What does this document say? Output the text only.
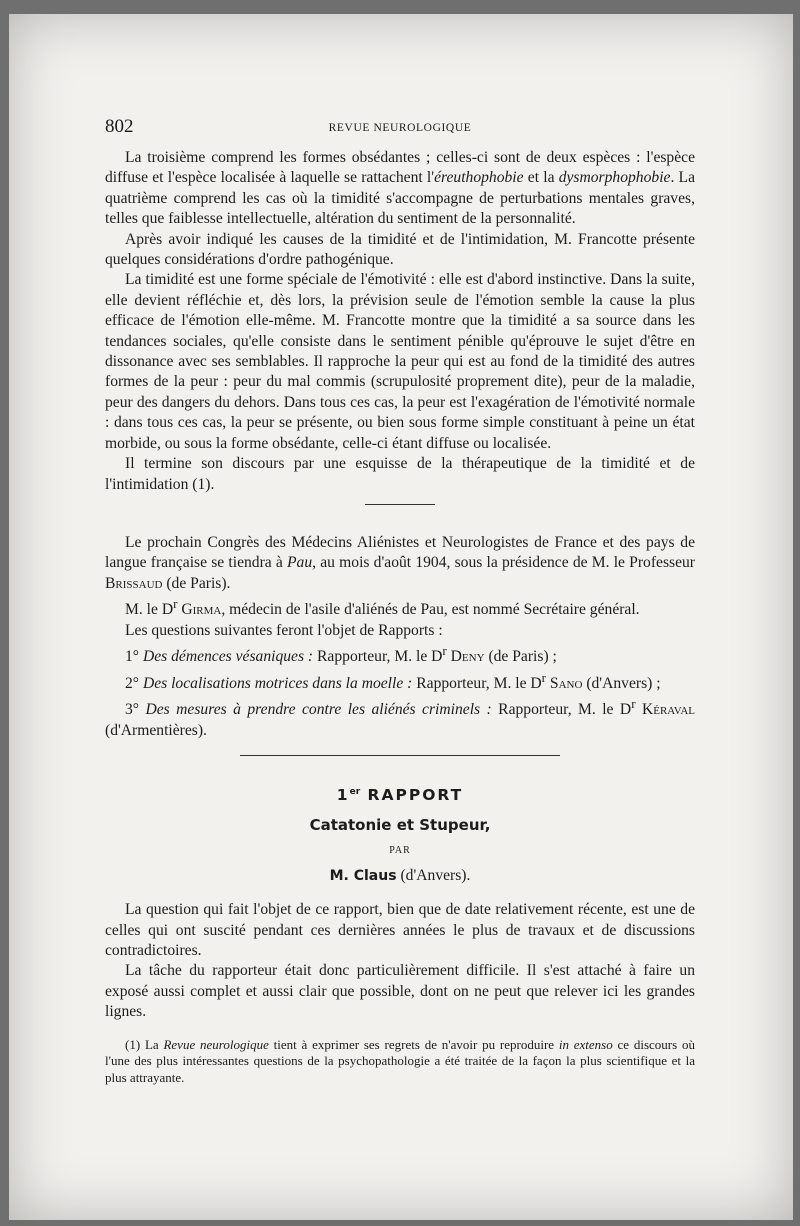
802	REVUE NEUROLOGIQUE

La troisième comprend les formes obsédantes ; celles-ci sont de deux espèces : l'espèce diffuse et l'espèce localisée à laquelle se rattachent l'éreuthophobie et la dysmorphophobie. La quatrième comprend les cas où la timidité s'accompagne de perturbations mentales graves, telles que faiblesse intellectuelle, altération du sentiment de la personnalité.

Après avoir indiqué les causes de la timidité et de l'intimidation, M. Francotte présente quelques considérations d'ordre pathogénique.

La timidité est une forme spéciale de l'émotivité : elle est d'abord instinctive. Dans la suite, elle devient réfléchie et, dès lors, la prévision seule de l'émotion semble la cause la plus efficace de l'émotion elle-même. M. Francotte montre que la timidité a sa source dans les tendances sociales, qu'elle consiste dans le sentiment pénible qu'éprouve le sujet d'être en dissonance avec ses semblables. Il rapproche la peur qui est au fond de la timidité des autres formes de la peur : peur du mal commis (scrupulosité proprement dite), peur de la maladie, peur des dangers du dehors. Dans tous ces cas, la peur est l'exagération de l'émotivité normale : dans tous ces cas, la peur se présente, ou bien sous forme simple constituant à peine un état morbide, ou sous la forme obsédante, celle-ci étant diffuse ou localisée.

Il termine son discours par une esquisse de la thérapeutique de la timidité et de l'intimidation (1).

Le prochain Congrès des Médecins Aliénistes et Neurologistes de France et des pays de langue française se tiendra à Pau, au mois d'août 1904, sous la présidence de M. le Professeur Brissaud (de Paris).

M. le $D^r$ Girma, médecin de l'asile d'aliénés de Pau, est nommé Secrétaire général.

Les questions suivantes feront l'objet de Rapports :

1° Des démences vésaniques : Rapporteur, M. le $D^r$ Deny (de Paris) ;

2° Des localisations motrices dans la moelle : Rapporteur, M. le $D^r$ Sano (d'Anvers) ;

3° Des mesures à prendre contre les aliénés criminels : Rapporteur, M. le $D^r$ Kéraval (d'Armentières).

1er RAPPORT
Catatonie et Stupeur,
PAR
M. Claus (d'Anvers).

La question qui fait l'objet de ce rapport, bien que de date relativement récente, est une de celles qui ont suscité pendant ces dernières années le plus de travaux et de discussions contradictoires.

La tâche du rapporteur était donc particulièrement difficile. Il s'est attaché à faire un exposé aussi complet et aussi clair que possible, dont on ne peut que relever ici les grandes lignes.

(1) La Revue neurologique tient à exprimer ses regrets de n'avoir pu reproduire in extenso ce discours où l'une des plus intéressantes questions de la psychopathologie a été traitée de la façon la plus scientifique et la plus attrayante.
